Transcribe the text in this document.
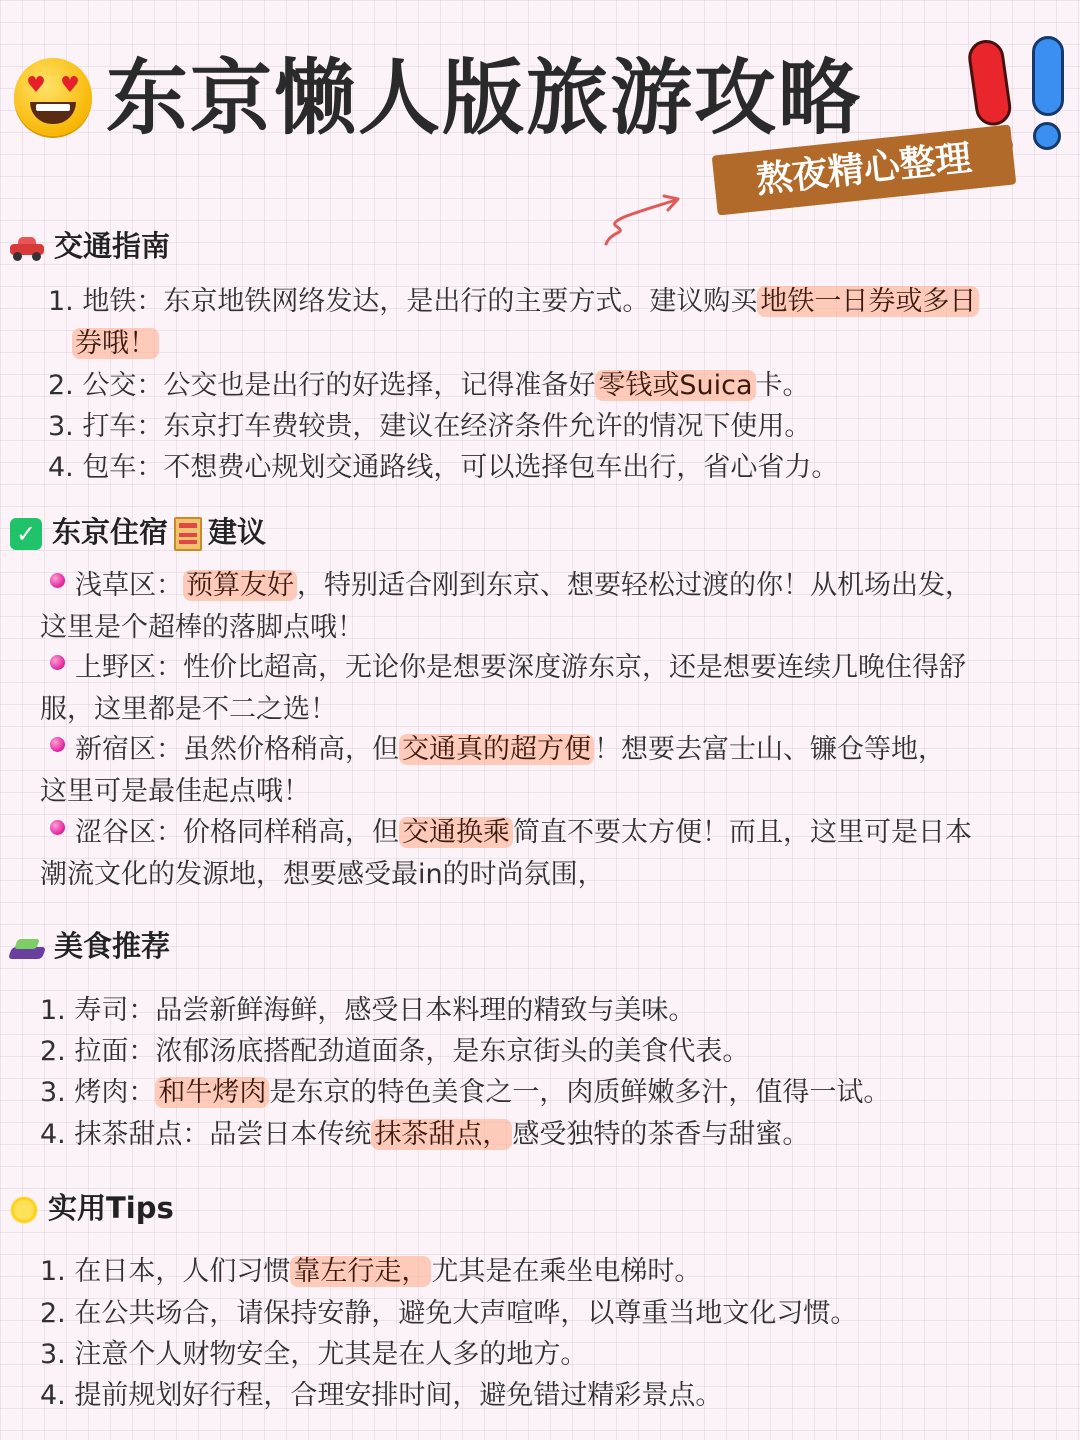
♥ ♥ 东京懒人版旅游攻略
熬夜精心整理
交通指南
1. 地铁：东京地铁网络发达，是出行的主要方式。建议购买 地铁一日券或多日
券哦！
2. 公交：公交也是出行的好选择，记得准备好 零钱或Suica 卡。
3. 打车：东京打车费较贵，建议在经济条件允许的情况下使用。
4. 包车：不想费心规划交通路线，可以选择包车出行，省心省力。
✓ 东京住宿 建议
浅草区： 预算友好 ，特别适合刚到东京、想要轻松过渡的你！从机场出发，
这里是个超棒的落脚点哦！
上野区：性价比超高，无论你是想要深度游东京，还是想要连续几晚住得舒
服，这里都是不二之选！
新宿区：虽然价格稍高，但 交通真的超方便 ！想要去富士山、镰仓等地，
这里可是最佳起点哦！
涩谷区：价格同样稍高，但 交通换乘 简直不要太方便！而且，这里可是日本
潮流文化的发源地，想要感受最in的时尚氛围，
美食推荐
1. 寿司：品尝新鲜海鲜，感受日本料理的精致与美味。
2. 拉面：浓郁汤底搭配劲道面条，是东京街头的美食代表。
3. 烤肉： 和牛烤肉 是东京的特色美食之一，肉质鲜嫩多汁，值得一试。
4. 抹茶甜点：品尝日本传统 抹茶甜点， 感受独特的茶香与甜蜜。
实用Tips
1. 在日本，人们习惯 靠左行走， 尤其是在乘坐电梯时。
2. 在公共场合，请保持安静，避免大声喧哗，以尊重当地文化习惯。
3. 注意个人财物安全，尤其是在人多的地方。
4. 提前规划好行程，合理安排时间，避免错过精彩景点。
